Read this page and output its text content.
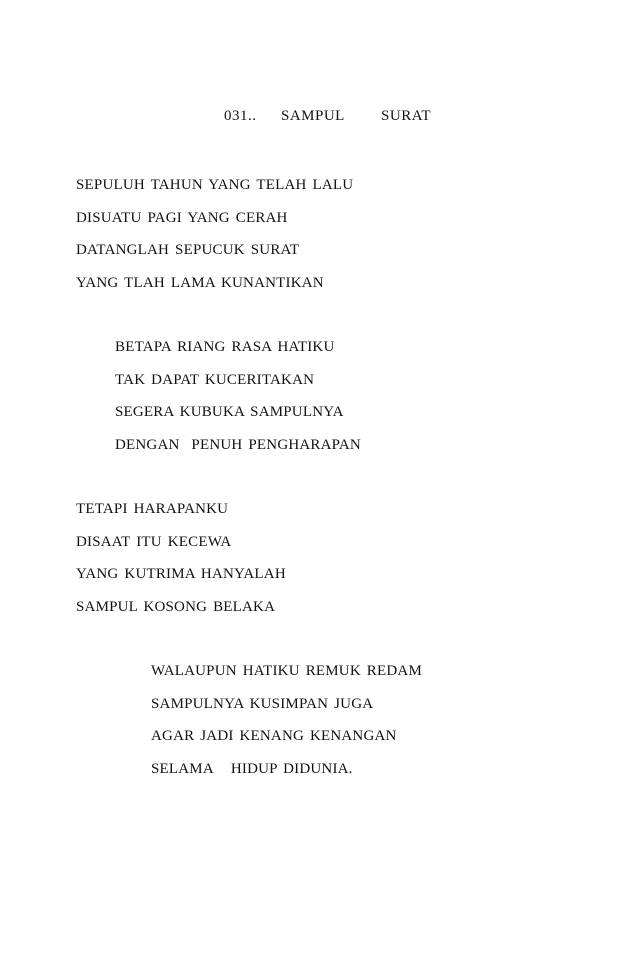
031..  SAMPUL   SURAT
SEPULUH TAHUN YANG TELAH LALU
DISUATU PAGI YANG CERAH
DATANGLAH SEPUCUK SURAT
YANG TLAH LAMA KUNANTIKAN
BETAPA RIANG RASA HATIKU
TAK DAPAT KUCERITAKAN
SEGERA KUBUKA SAMPULNYA
DENGAN  PENUH PENGHARAPAN
TETAPI HARAPANKU
DISAAT ITU KECEWA
YANG KUTRIMA HANYALAH
SAMPUL KOSONG BELAKA
WALAUPUN HATIKU REMUK REDAM
SAMPULNYA KUSIMPAN JUGA
AGAR JADI KENANG KENANGAN
SELAMA   HIDUP DIDUNIA.
